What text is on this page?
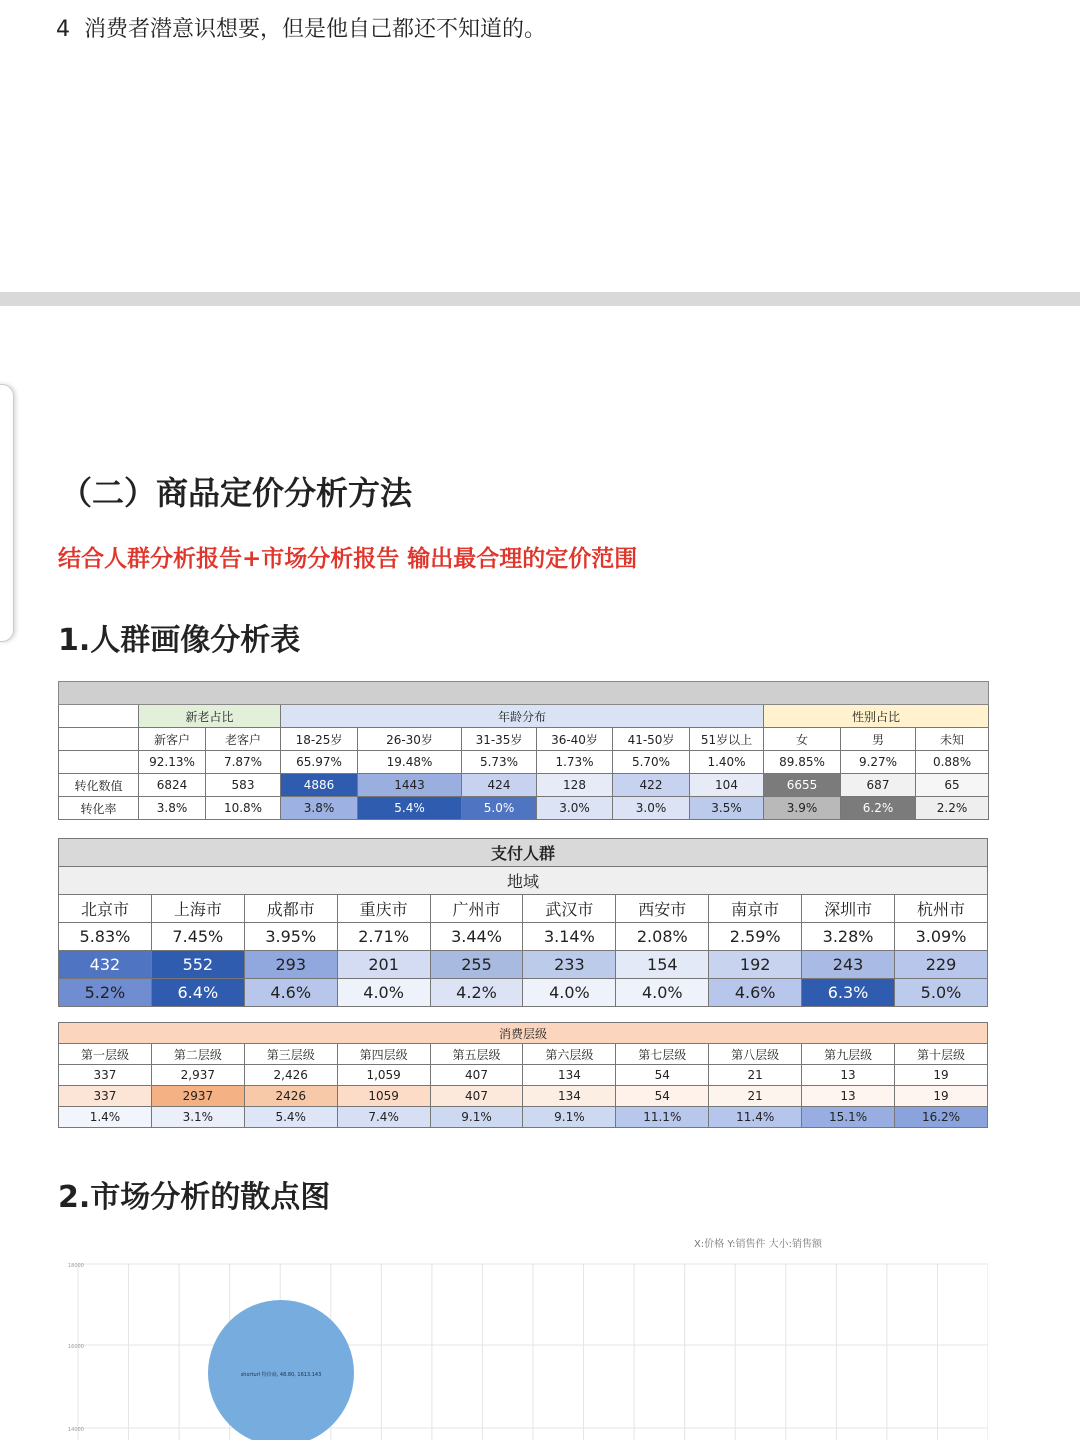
4 消费者潜意识想要，但是他自己都还不知道的。
（二）商品定价分析方法
结合人群分析报告+市场分析报告 输出最合理的定价范围
1.人群画像分析表

	新老占比		年龄分布						性别占比		
	新客户	老客户	18-25岁	26-30岁	31-35岁	36-40岁	41-50岁	51岁以上	女	男	未知
	92.13%	7.87%	65.97%	19.48%	5.73%	1.73%	5.70%	1.40%	89.85%	9.27%	0.88%
转化数值	6824	583	4886	1443	424	128	422	104	6655	687	65
转化率	3.8%	10.8%	3.8%	5.4%	5.0%	3.0%	3.0%	3.5%	3.9%	6.2%	2.2%
支付人群									
地域									
北京市	上海市	成都市	重庆市	广州市	武汉市	西安市	南京市	深圳市	杭州市
5.83%	7.45%	3.95%	2.71%	3.44%	3.14%	2.08%	2.59%	3.28%	3.09%
432	552	293	201	255	233	154	192	243	229
5.2%	6.4%	4.6%	4.0%	4.2%	4.0%	4.0%	4.6%	6.3%	5.0%
消费层级									
第一层级	第二层级	第三层级	第四层级	第五层级	第六层级	第七层级	第八层级	第九层级	第十层级
337	2,937	2,426	1,059	407	134	54	21	13	19
337	2937	2426	1059	407	134	54	21	13	19
1.4%	3.1%	5.4%	7.4%	9.1%	9.1%	11.1%	11.4%	15.1%	16.2%
2.市场分析的散点图
X:价格 Y:销售件 大小:销售额
18000
16000
14000
shorturl 特价商, 48.80, 1613.143
